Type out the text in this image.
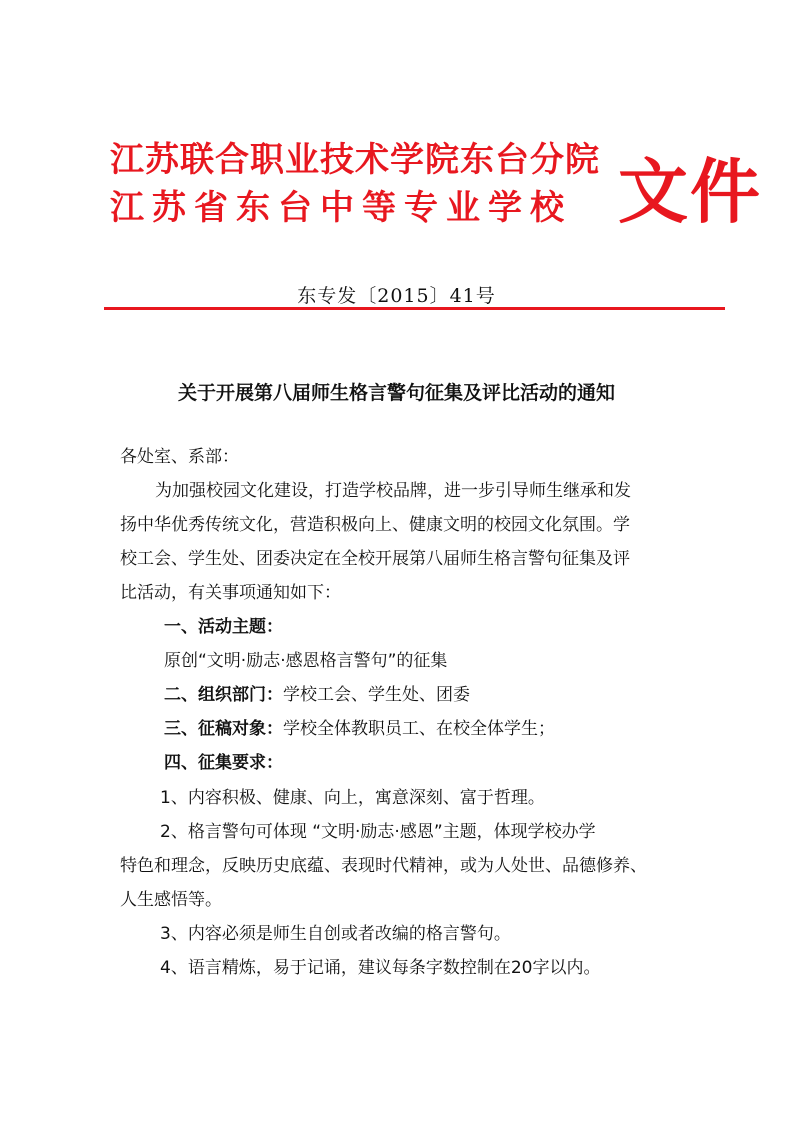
江苏联合职业技术学院东台分院
江苏省东台中等专业学校 文件
东专发〔2015〕41号
关于开展第八届师生格言警句征集及评比活动的通知
各处室、系部：
为加强校园文化建设，打造学校品牌，进一步引导师生继承和发
扬中华优秀传统文化，营造积极向上、健康文明的校园文化氛围。学
校工会、学生处、团委决定在全校开展第八届师生格言警句征集及评
比活动，有关事项通知如下：
一、活动主题：
原创“文明·励志·感恩格言警句”的征集
二、组织部门：学校工会、学生处、团委
三、征稿对象：学校全体教职员工、在校全体学生；
四、征集要求：
1、内容积极、健康、向上，寓意深刻、富于哲理。
2、格言警句可体现 “文明·励志·感恩”主题，体现学校办学
特色和理念，反映历史底蕴、表现时代精神，或为人处世、品德修养、
人生感悟等。
3、内容必须是师生自创或者改编的格言警句。
4、语言精炼，易于记诵，建议每条字数控制在20字以内。
